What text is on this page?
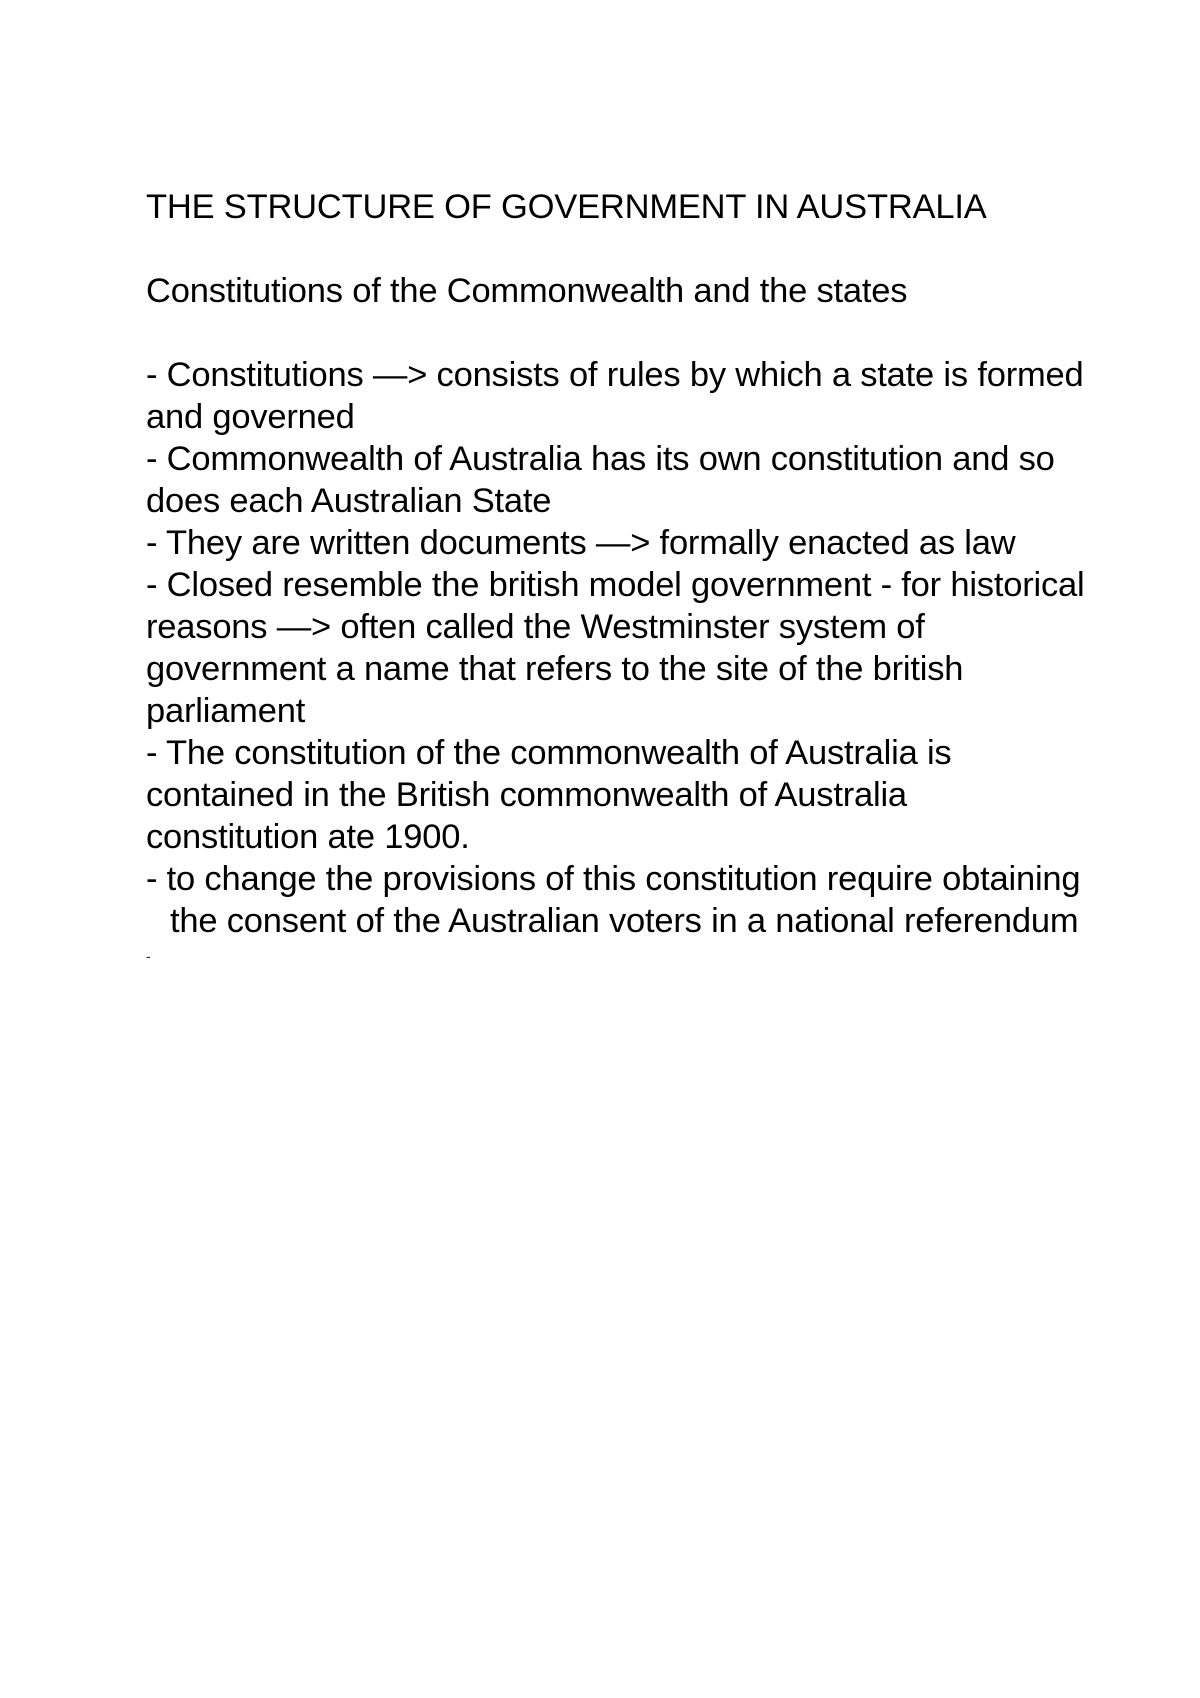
THE STRUCTURE OF GOVERNMENT IN AUSTRALIA
Constitutions of the Commonwealth and the states
- Constitutions —> consists of rules by which a state is formed and governed
- Commonwealth of Australia has its own constitution and so does each Australian State
- They are written documents —> formally enacted as law
- Closed resemble the british model government - for historical reasons —> often called the Westminster system of government a name that refers to the site of the british parliament
- The constitution of the commonwealth of Australia is contained in the British commonwealth of Australia constitution ate 1900.
- to change the provisions of this constitution require obtaining the consent of the Australian voters in a national referendum
-
